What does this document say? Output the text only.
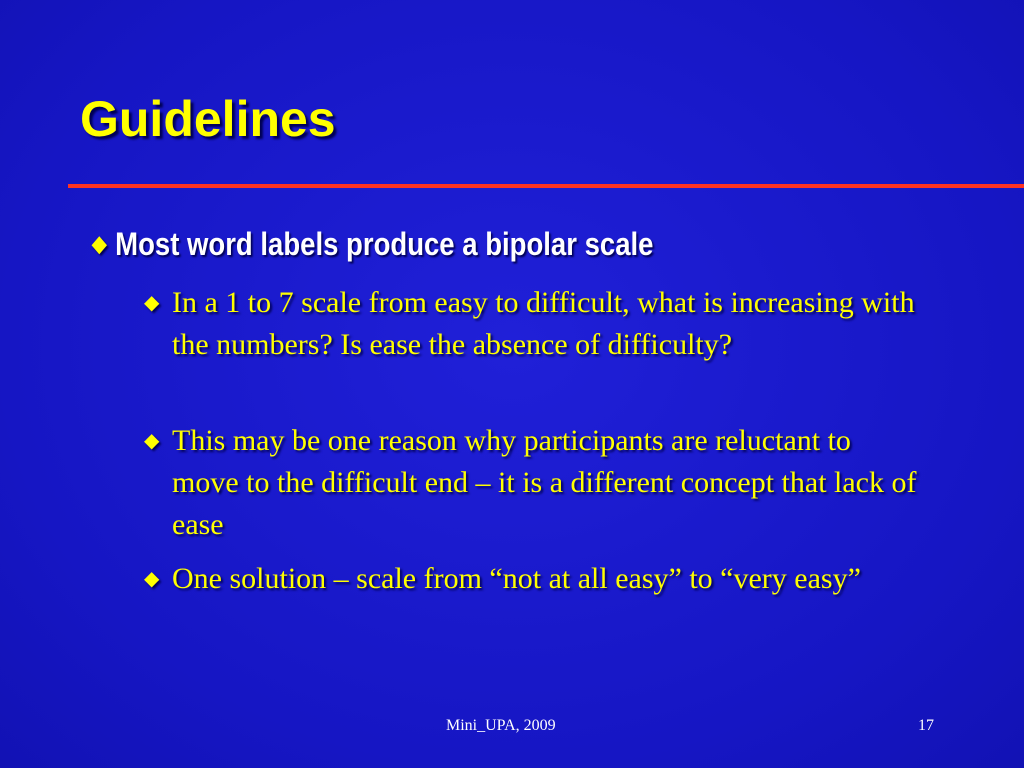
Guidelines
◆ Most word labels produce a bipolar scale
◆ In a 1 to 7 scale from easy to difficult, what is increasing with the numbers? Is ease the absence of difficulty?
◆ This may be one reason why participants are reluctant to move to the difficult end – it is a different concept that lack of ease
◆ One solution – scale from “not at all easy” to “very easy”
Mini_UPA, 2009	17
